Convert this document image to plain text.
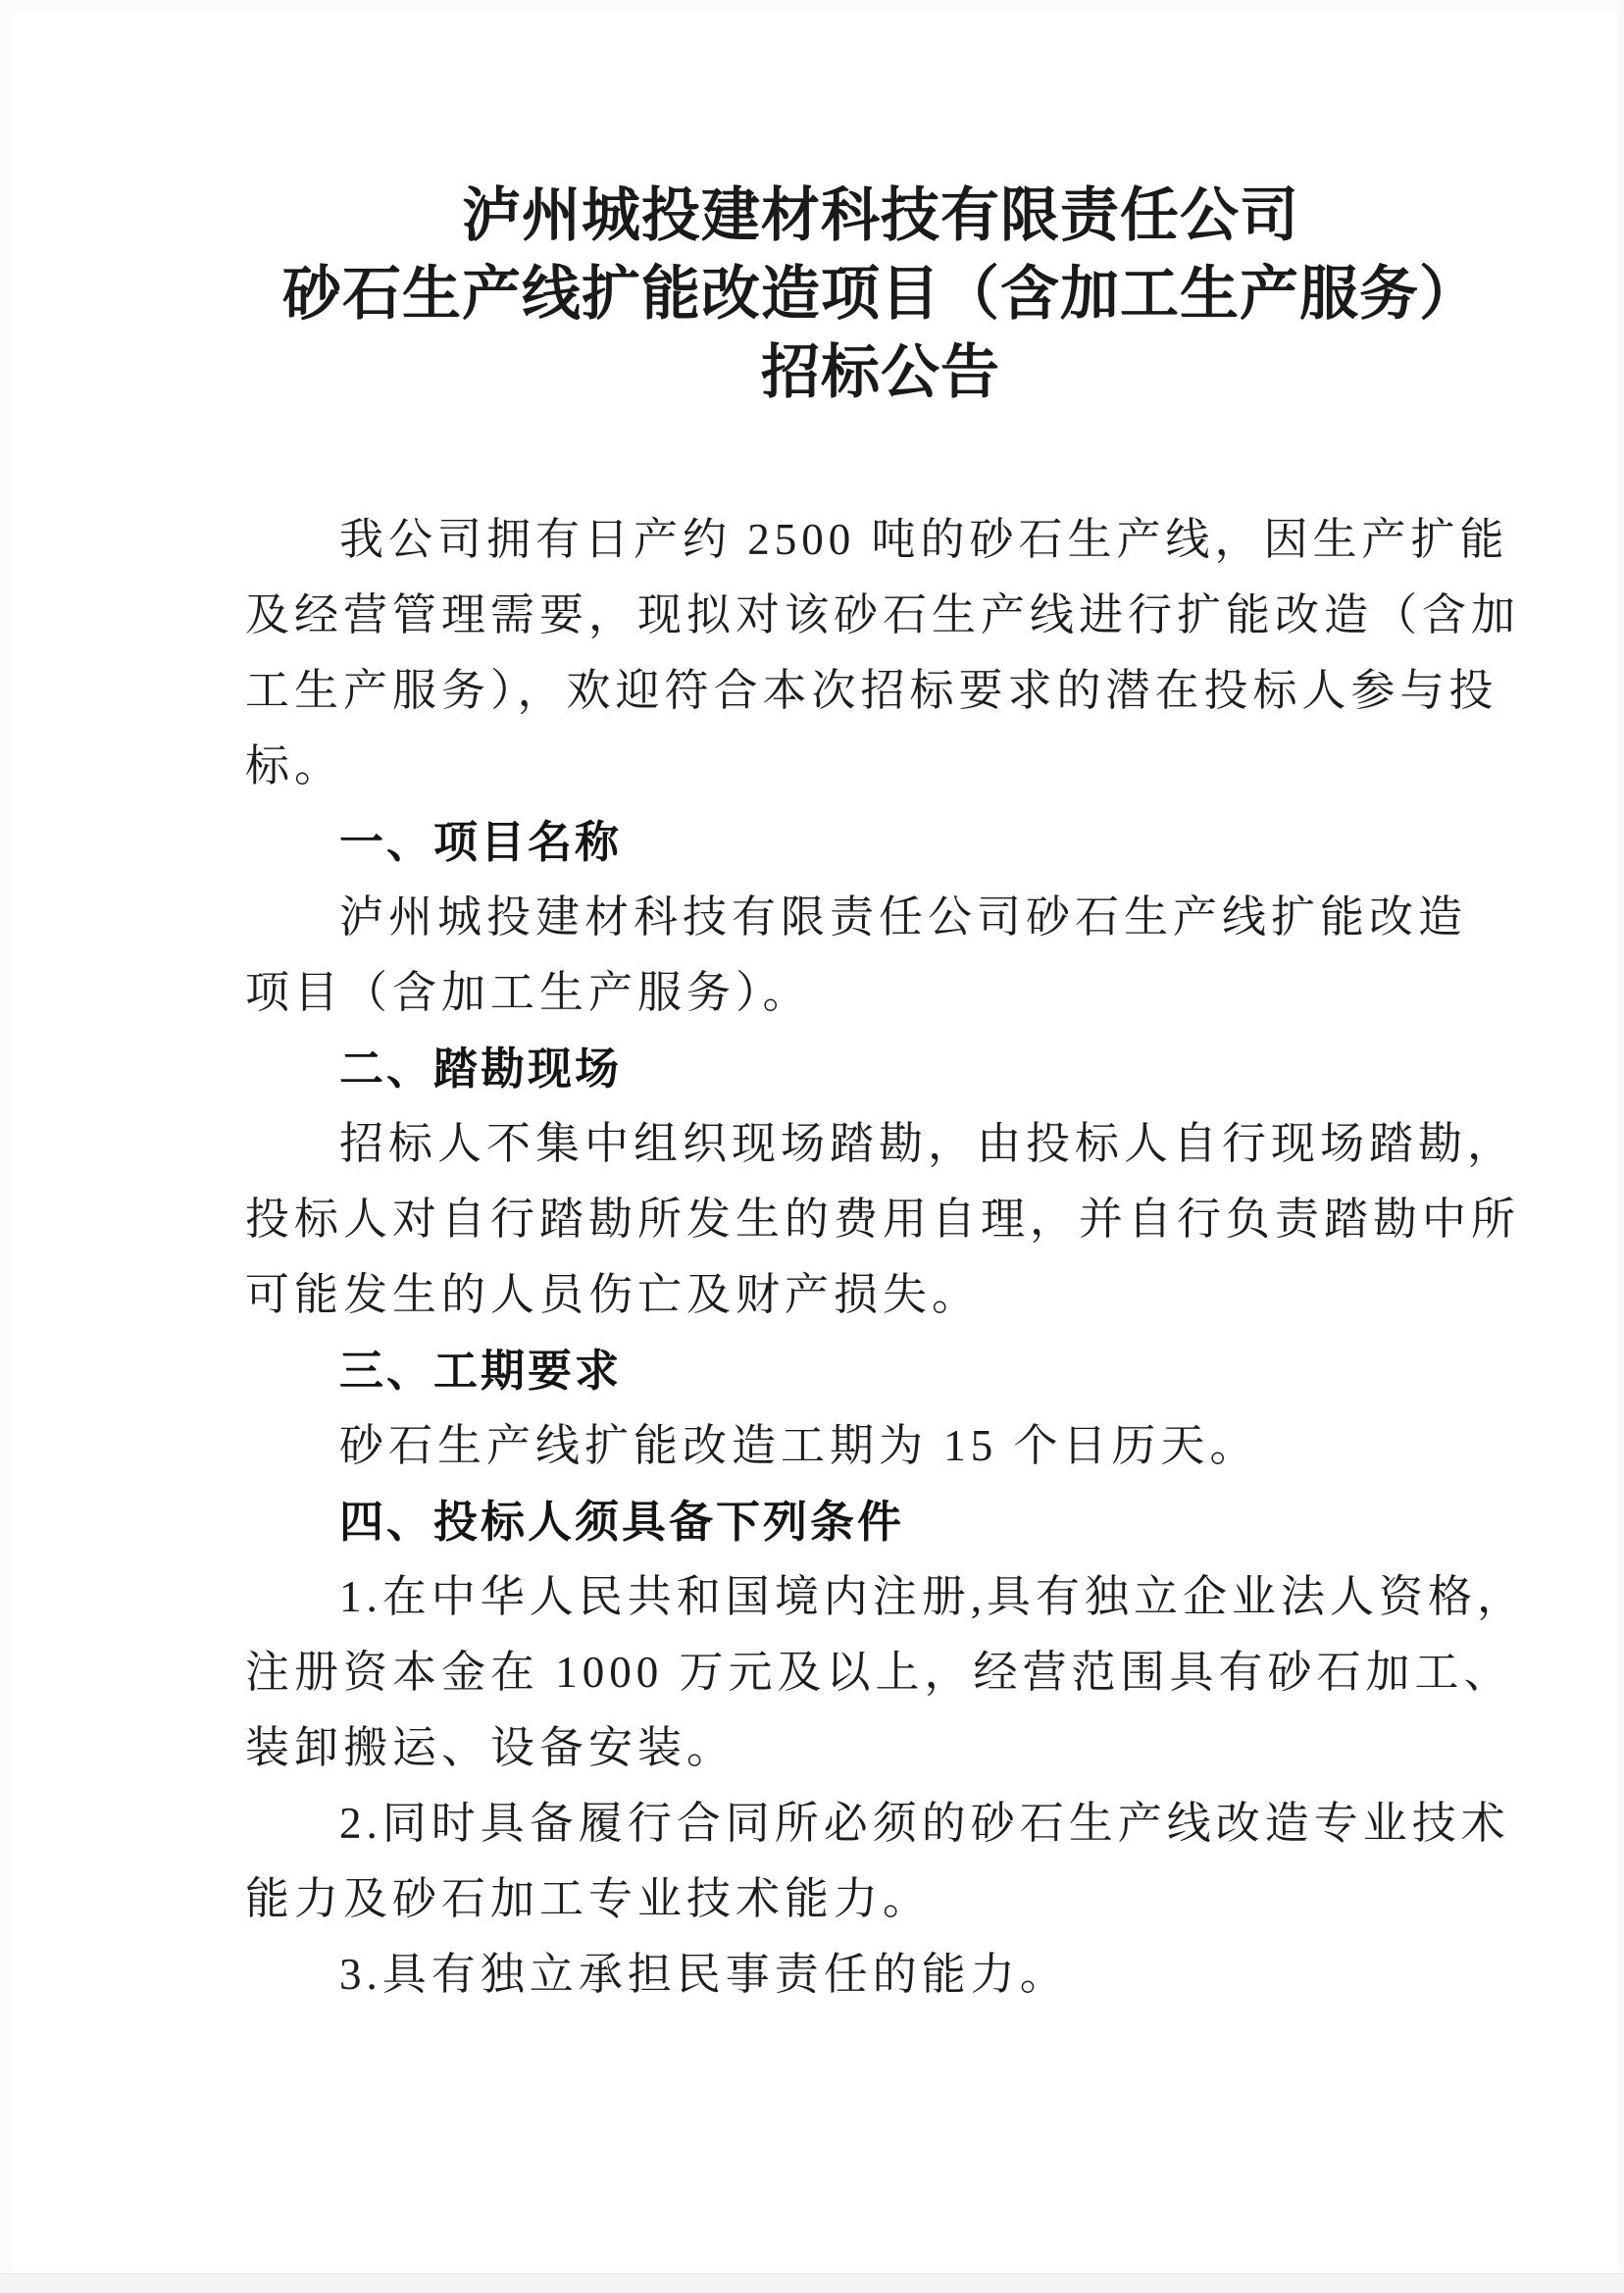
泸州城投建材科技有限责任公司
砂石生产线扩能改造项目（含加工生产服务）
招标公告
我公司拥有日产约 2500 吨的砂石生产线，因生产扩能
及经营管理需要，现拟对该砂石生产线进行扩能改造（含加
工生产服务），欢迎符合本次招标要求的潜在投标人参与投
标。
一、项目名称
泸州城投建材科技有限责任公司砂石生产线扩能改造
项目（含加工生产服务）。
二、踏勘现场
招标人不集中组织现场踏勘，由投标人自行现场踏勘，
投标人对自行踏勘所发生的费用自理，并自行负责踏勘中所
可能发生的人员伤亡及财产损失。
三、工期要求
砂石生产线扩能改造工期为 15 个日历天。
四、投标人须具备下列条件
1.在中华人民共和国境内注册,具有独立企业法人资格，
注册资本金在 1000 万元及以上，经营范围具有砂石加工、
装卸搬运、设备安装。
2.同时具备履行合同所必须的砂石生产线改造专业技术
能力及砂石加工专业技术能力。
3.具有独立承担民事责任的能力。
